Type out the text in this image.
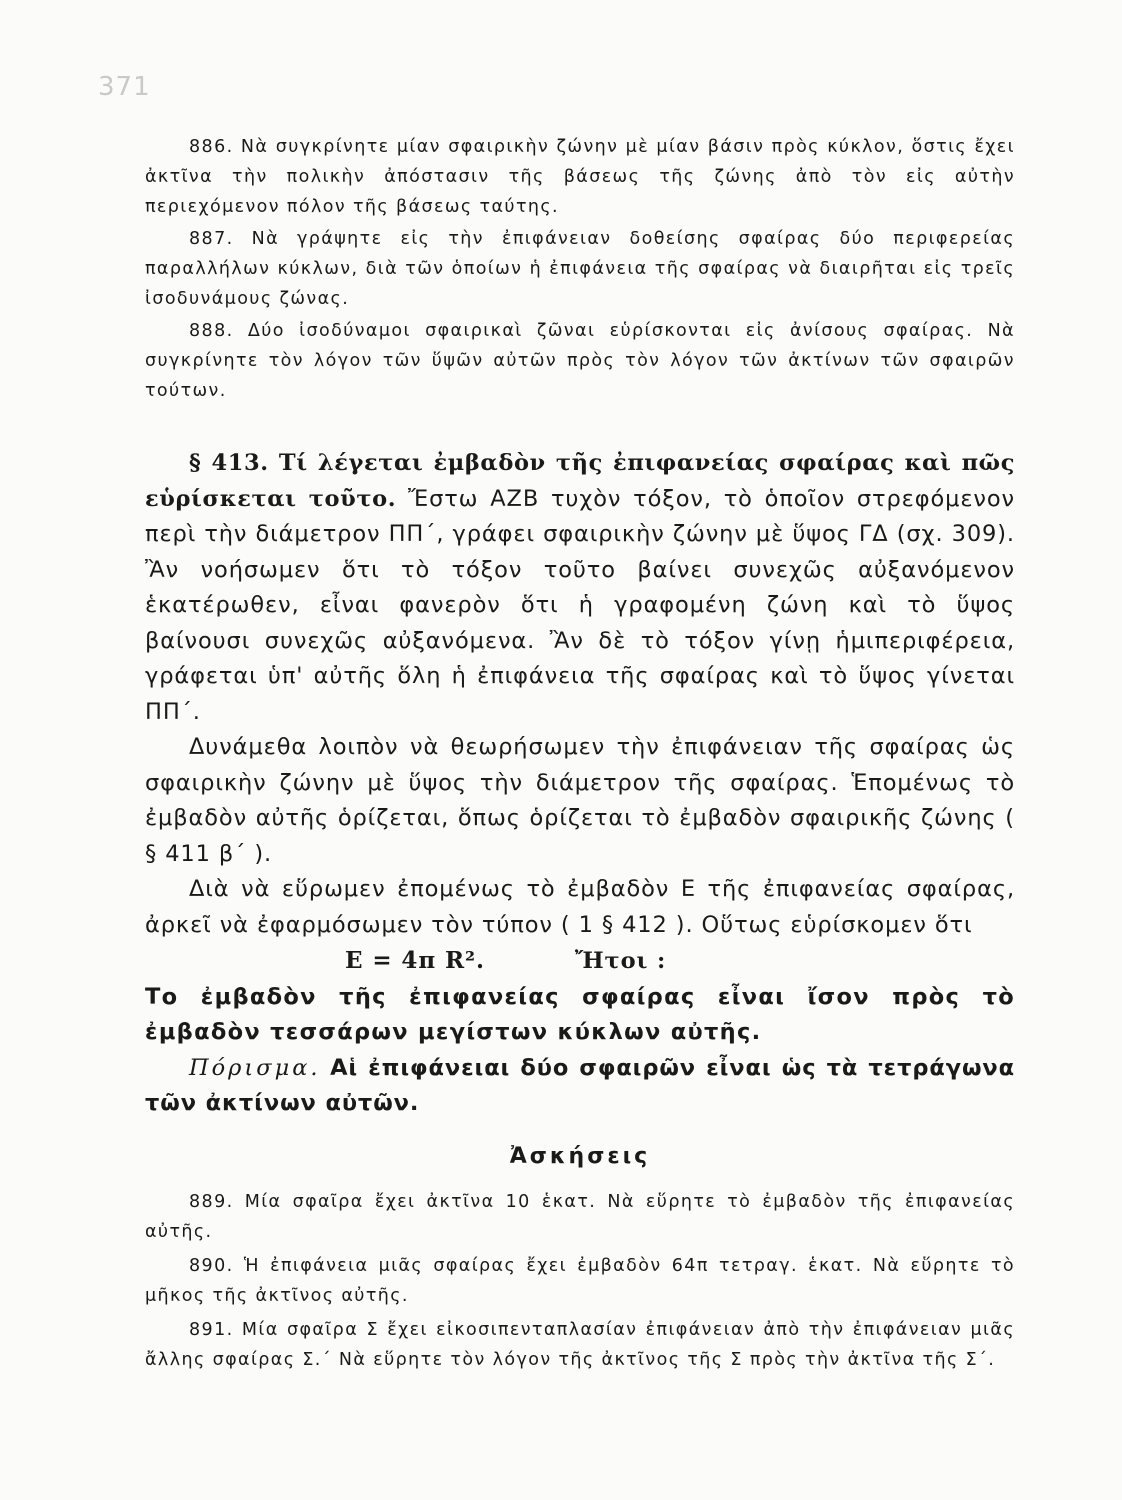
371

886. Νὰ συγκρίνητε μίαν σφαιρικὴν ζώνην μὲ μίαν βάσιν πρὸς κύκλον, ὅστις ἔχει ἀκτῖνα τὴν πολικὴν ἀπόστασιν τῆς βάσεως τῆς ζώνης ἀπὸ τὸν εἰς αὐτὴν περιεχόμενον πόλον τῆς βάσεως ταύτης.

887. Νὰ γράψητε εἰς τὴν ἐπιφάνειαν δοθείσης σφαίρας δύο περιφερείας παραλλήλων κύκλων, διὰ τῶν ὁποίων ἡ ἐπιφάνεια τῆς σφαίρας νὰ διαιρῆται εἰς τρεῖς ἰσοδυνάμους ζώνας.

888. Δύο ἰσοδύναμοι σφαιρικαὶ ζῶναι εὑρίσκονται εἰς ἀνίσους σφαίρας. Νὰ συγκρίνητε τὸν λόγον τῶν ὕψῶν αὐτῶν πρὸς τὸν λόγον τῶν ἀκτίνων τῶν σφαιρῶν τούτων.

§ 413. Τί λέγεται ἐμβαδὸν τῆς ἐπιφανείας σφαίρας καὶ πῶς εὑρίσκεται τοῦτο. Ἔστω ΑΖΒ τυχὸν τόξον, τὸ ὁποῖον στρεφόμενον περὶ τὴν διάμετρον ΠΠ΄, γράφει σφαιρικὴν ζώνην μὲ ὕψος ΓΔ (σχ. 309). Ἂν νοήσωμεν ὅτι τὸ τόξον τοῦτο βαίνει συνεχῶς αὐξανόμενον ἑκατέρωθεν, εἶναι φανερὸν ὅτι ἡ γραφομένη ζώνη καὶ τὸ ὕψος βαίνουσι συνεχῶς αὐξανόμενα. Ἂν δὲ τὸ τόξον γίνῃ ἡμιπεριφέρεια, γράφεται ὑπ' αὐτῆς ὅλη ἡ ἐπιφάνεια τῆς σφαίρας καὶ τὸ ὕψος γίνεται ΠΠ΄.

Δυνάμεθα λοιπὸν νὰ θεωρήσωμεν τὴν ἐπιφάνειαν τῆς σφαίρας ὡς σφαιρικὴν ζώνην μὲ ὕψος τὴν διάμετρον τῆς σφαίρας. Ἑπομένως τὸ ἐμβαδὸν αὐτῆς ὁρίζεται, ὅπως ὁρίζεται τὸ ἐμβαδὸν σφαιρικῆς ζώνης ( § 411 β΄ ).

Διὰ νὰ εὕρωμεν ἐπομένως τὸ ἐμβαδὸν Ε τῆς ἐπιφανείας σφαίρας, ἀρκεῖ νὰ ἐφαρμόσωμεν τὸν τύπον ( 1 § 412 ). Οὕτως εὑρίσκομεν ὅτι

Ε = 4π R².	Ἤτοι :

Το ἐμβαδὸν τῆς ἐπιφανείας σφαίρας εἶναι ἴσον πρὸς τὸ ἐμβαδὸν τεσσάρων μεγίστων κύκλων αὐτῆς.

Πόρισμα. Αἱ ἐπιφάνειαι δύο σφαιρῶν εἶναι ὡς τὰ τετράγωνα τῶν ἀκτίνων αὐτῶν.

Ἀσκήσεις

889. Μία σφαῖρα ἔχει ἀκτῖνα 10 ἑκατ. Νὰ εὕρητε τὸ ἐμβαδὸν τῆς ἐπιφανείας αὐτῆς.

890. Ἡ ἐπιφάνεια μιᾶς σφαίρας ἔχει ἐμβαδὸν 64π τετραγ. ἑκατ. Νὰ εὕρητε τὸ μῆκος τῆς ἀκτῖνος αὐτῆς.

891. Μία σφαῖρα Σ ἔχει εἰκοσιπενταπλασίαν ἐπιφάνειαν ἀπὸ τὴν ἐπιφάνειαν μιᾶς ἄλλης σφαίρας Σ.΄ Νὰ εὕρητε τὸν λόγον τῆς ἀκτῖνος τῆς Σ πρὸς τὴν ἀκτῖνα τῆς Σ΄.
